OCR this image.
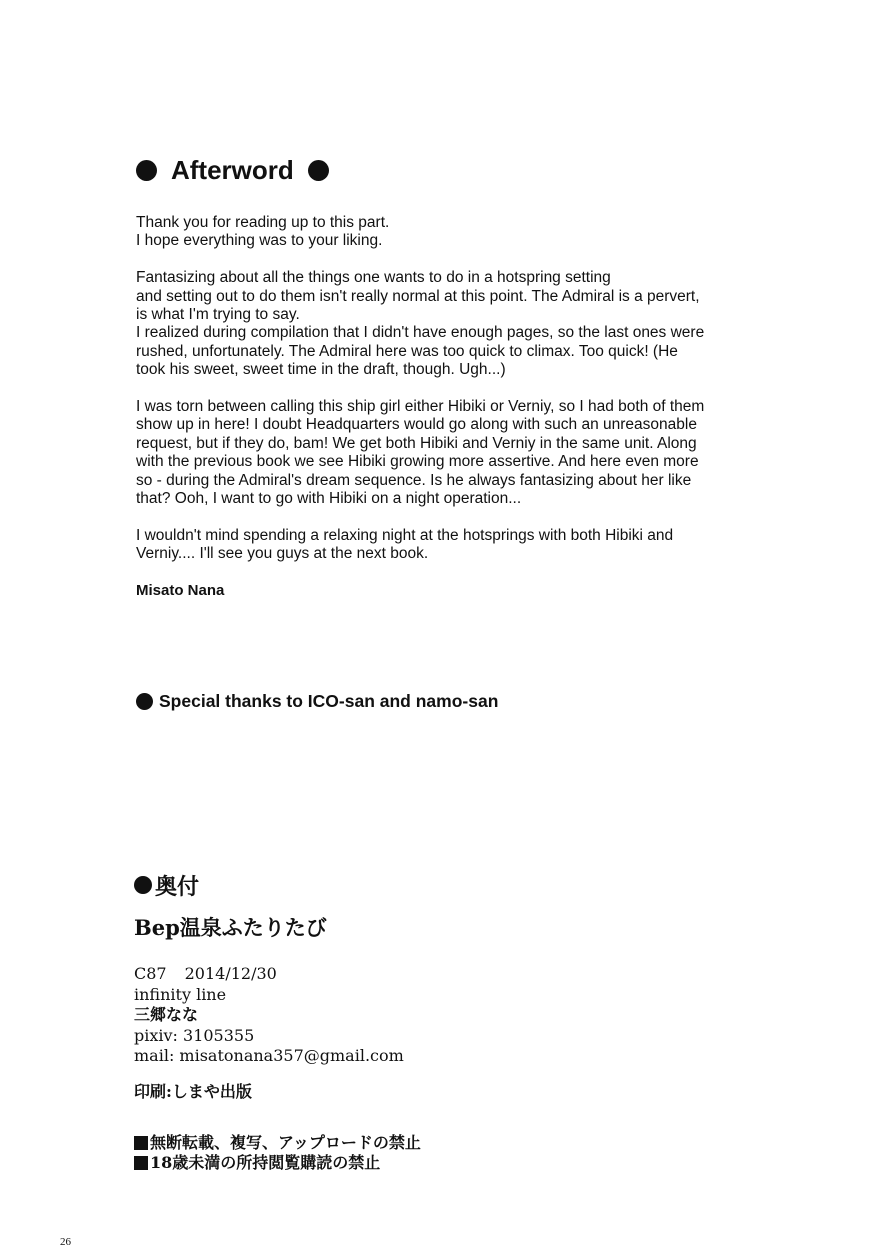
Afterword

Thank you for reading up to this part.
I hope everything was to your liking.

Fantasizing about all the things one wants to do in a hotspring setting
and setting out to do them isn't really normal at this point. The Admiral is a pervert,
is what I'm trying to say.
I realized during compilation that I didn't have enough pages, so the last ones were
rushed, unfortunately. The Admiral here was too quick to climax. Too quick! (He
took his sweet, sweet time in the draft, though. Ugh...)

I was torn between calling this ship girl either Hibiki or Verniy, so I had both of them
show up in here! I doubt Headquarters would go along with such an unreasonable
request, but if they do, bam! We get both Hibiki and Verniy in the same unit. Along
with the previous book we see Hibiki growing more assertive. And here even more
so - during the Admiral's dream sequence. Is he always fantasizing about her like
that? Ooh, I want to go with Hibiki on a night operation...

I wouldn't mind spending a relaxing night at the hotsprings with both Hibiki and
Verniy.... I'll see you guys at the next book.

Misato Nana
Special thanks to ICO-san and namo-san
奥付
Bep温泉ふたりたび
C87 2014/12/30
infinity line
三郷なな
pixiv: 3105355
mail: misatonana357@gmail.com
印刷:しまや出版
無断転載、複写、アップロードの禁止
18歳未満の所持閲覧購読の禁止
26
